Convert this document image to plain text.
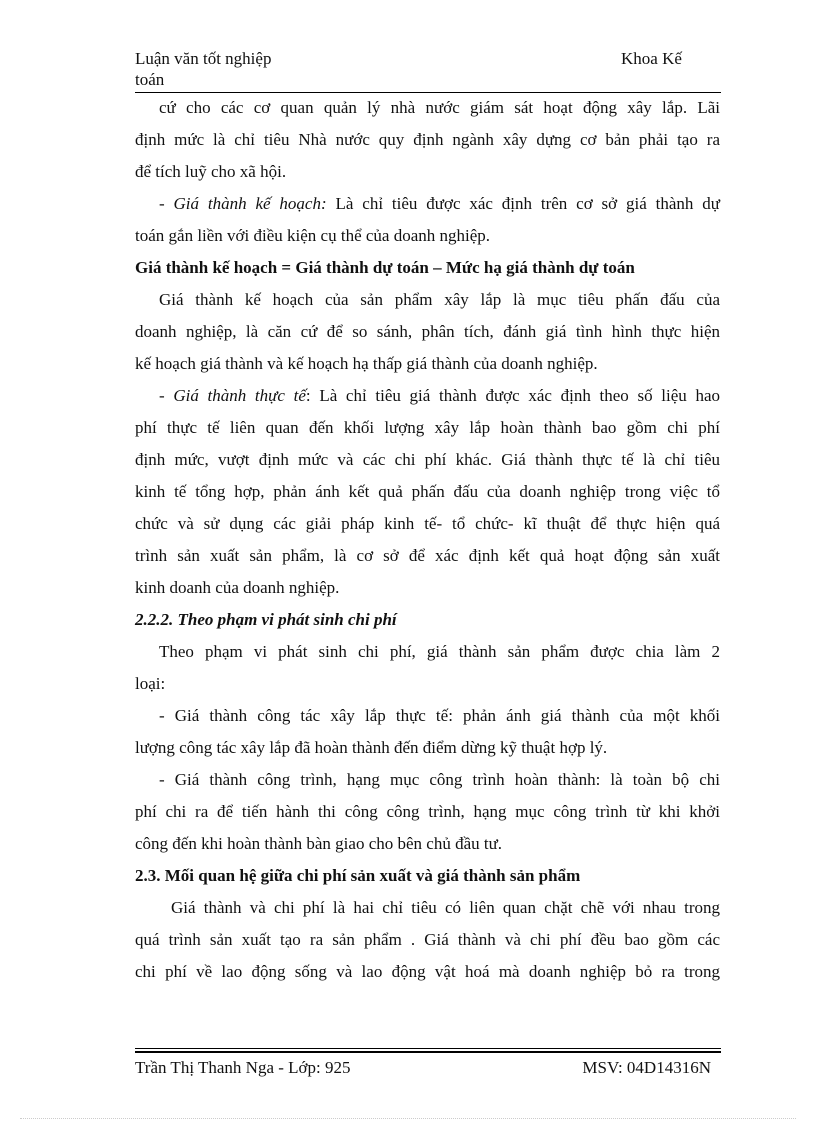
Luận văn tốt nghiệp
toán
Khoa Kế
cứ cho các cơ quan quản lý nhà nước giám sát hoạt động xây lắp. Lãi
định mức là chỉ tiêu Nhà nước quy định ngành xây dựng cơ bản phải tạo ra
để tích luỹ cho xã hội.
- Giá thành kế hoạch: Là chỉ tiêu được xác định trên cơ sở giá thành dự
toán gắn liền với điều kiện cụ thể của doanh nghiệp.
Giá thành kế hoạch = Giá thành dự toán – Mức hạ giá thành dự toán
Giá thành kế hoạch của sản phẩm xây lắp là mục tiêu phấn đấu của
doanh nghiệp, là căn cứ để so sánh, phân tích, đánh giá tình hình thực hiện
kế hoạch giá thành và kế hoạch hạ thấp giá thành của doanh nghiệp.
- Giá thành thực tế: Là chỉ tiêu giá thành được xác định theo số liệu hao
phí thực tế liên quan đến khối lượng xây lắp hoàn thành bao gồm chi phí
định mức, vượt định mức và các chi phí khác. Giá thành thực tế là chỉ tiêu
kinh tế tổng hợp, phản ánh kết quả phấn đấu của doanh nghiệp trong việc tổ
chức và sử dụng các giải pháp kinh tế- tổ chức- kĩ thuật để thực hiện quá
trình sản xuất sản phẩm, là cơ sở để xác định kết quả hoạt động sản xuất
kinh doanh của doanh nghiệp.
2.2.2. Theo phạm vi phát sinh chi phí
Theo phạm vi phát sinh chi phí, giá thành sản phẩm được chia làm 2
loại:
- Giá thành công tác xây lắp thực tế: phản ánh giá thành của một khối
lượng công tác xây lắp đã hoàn thành đến điểm dừng kỹ thuật hợp lý.
- Giá thành công trình, hạng mục công trình hoàn thành: là toàn bộ chi
phí chi ra để tiến hành thi công công trình, hạng mục công trình từ khi khởi
công đến khi hoàn thành bàn giao cho bên chủ đầu tư.
2.3. Mối quan hệ giữa chi phí sản xuất và giá thành sản phẩm
Giá thành và chi phí là hai chỉ tiêu có liên quan chặt chẽ với nhau trong
quá trình sản xuất tạo ra sản phẩm . Giá thành và chi phí đều bao gồm các
chi phí về lao động sống và lao động vật hoá mà doanh nghiệp bỏ ra trong
Trần Thị Thanh Nga - Lớp: 925	MSV: 04D14316N
